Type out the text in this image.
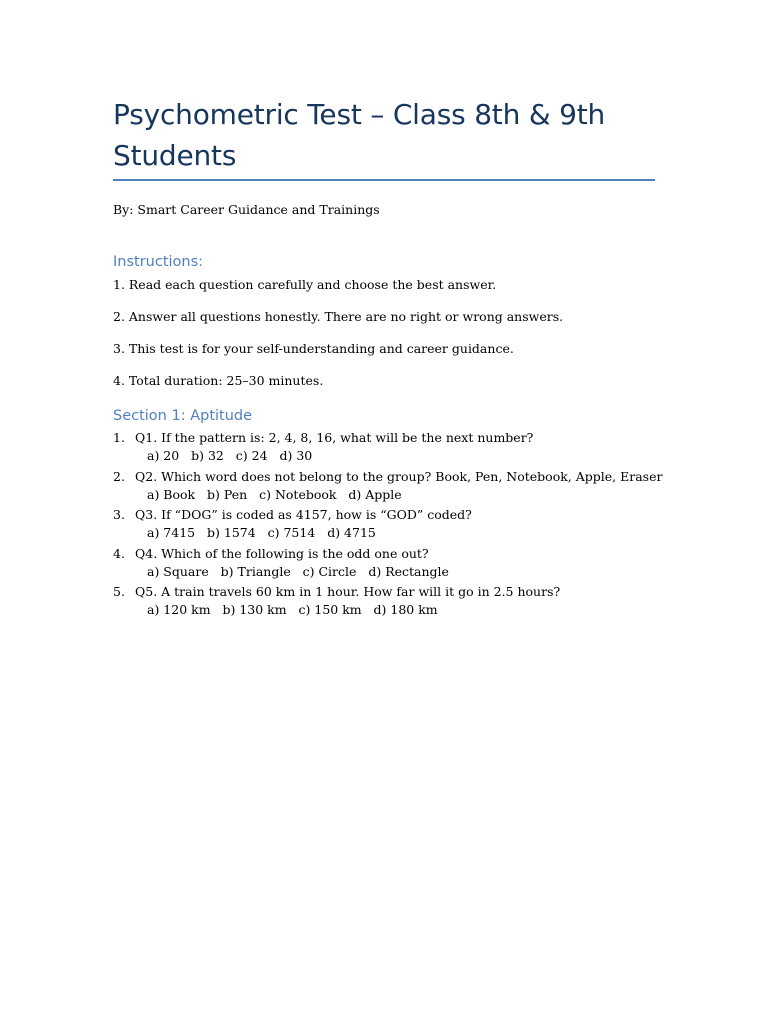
Psychometric Test – Class 8th & 9th Students
By: Smart Career Guidance and Trainings
Instructions:

1. Read each question carefully and choose the best answer.

2. Answer all questions honestly. There are no right or wrong answers.

3. This test is for your self-understanding and career guidance.

4. Total duration: 25–30 minutes.

Section 1: Aptitude
1. Q1. If the pattern is: 2, 4, 8, 16, what will be the next number?
a) 20   b) 32   c) 24   d) 30
2. Q2. Which word does not belong to the group? Book, Pen, Notebook, Apple, Eraser
a) Book   b) Pen   c) Notebook   d) Apple
3. Q3. If “DOG” is coded as 4157, how is “GOD” coded?
a) 7415   b) 1574   c) 7514   d) 4715
4. Q4. Which of the following is the odd one out?
a) Square   b) Triangle   c) Circle   d) Rectangle
5. Q5. A train travels 60 km in 1 hour. How far will it go in 2.5 hours?
a) 120 km   b) 130 km   c) 150 km   d) 180 km
